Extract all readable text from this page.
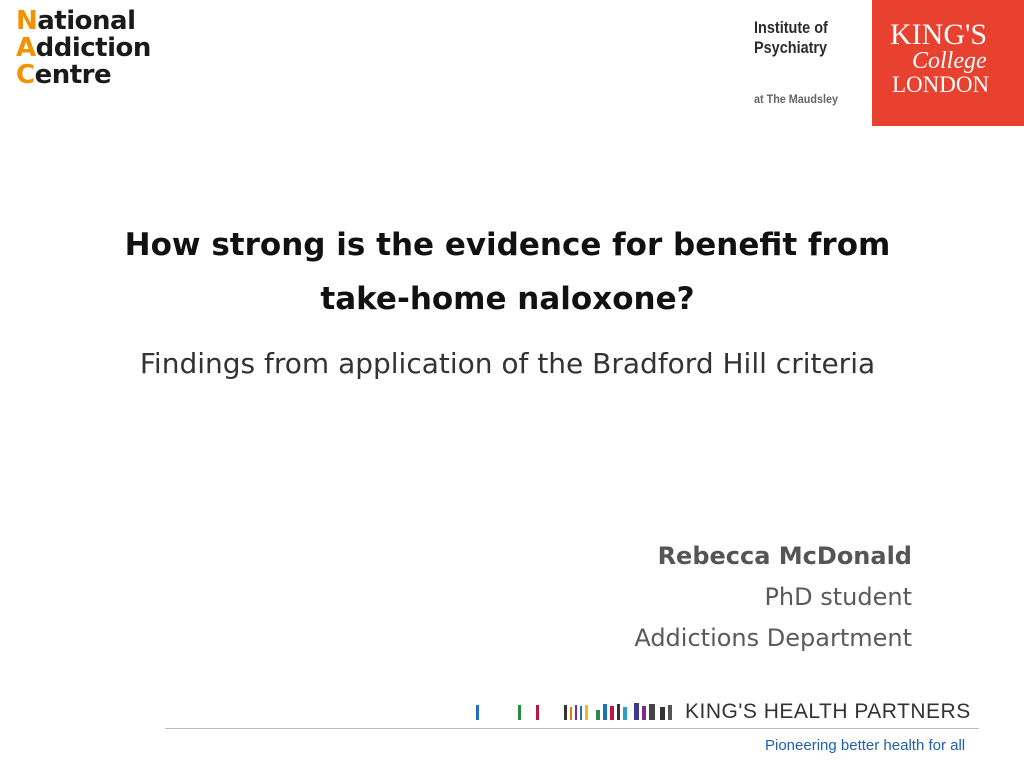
National
Addiction
Centre
Institute of
Psychiatry
at The Maudsley
KING'S
College
LONDON
How strong is the evidence for benefit from
take-home naloxone?
Findings from application of the Bradford Hill criteria
Rebecca McDonald
PhD student
Addictions Department
KING'S HEALTH PARTNERS
Pioneering better health for all
